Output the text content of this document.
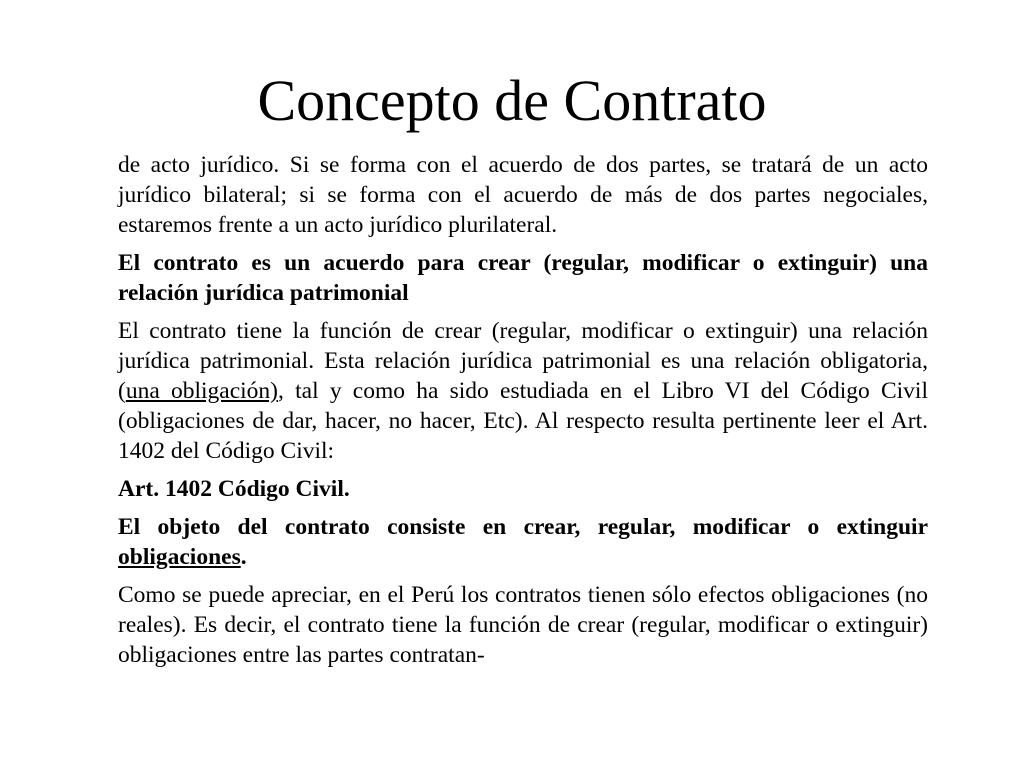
Concepto de Contrato

de acto jurídico. Si se forma con el acuerdo de dos partes, se tratará de un acto jurídico bilateral; si se forma con el acuerdo de más de dos partes negociales, estaremos frente a un acto jurídico plurilateral.

El contrato es un acuerdo para crear (regular, modificar o extinguir) una relación jurídica patrimonial

El contrato tiene la función de crear (regular, modificar o extinguir) una relación jurídica patrimonial. Esta relación jurídica patrimonial es una relación obligatoria, (una obligación), tal y como ha sido estudiada en el Libro VI del Código Civil (obligaciones de dar, hacer, no hacer, Etc). Al respecto resulta pertinente leer el Art. 1402 del Código Civil:

Art. 1402 Código Civil.

El objeto del contrato consiste en crear, regular, modificar o extinguir obligaciones.

Como se puede apreciar, en el Perú los contratos tienen sólo efectos obligaciones (no reales). Es decir, el contrato tiene la función de crear (regular, modificar o extinguir) obligaciones entre las partes contratan-
